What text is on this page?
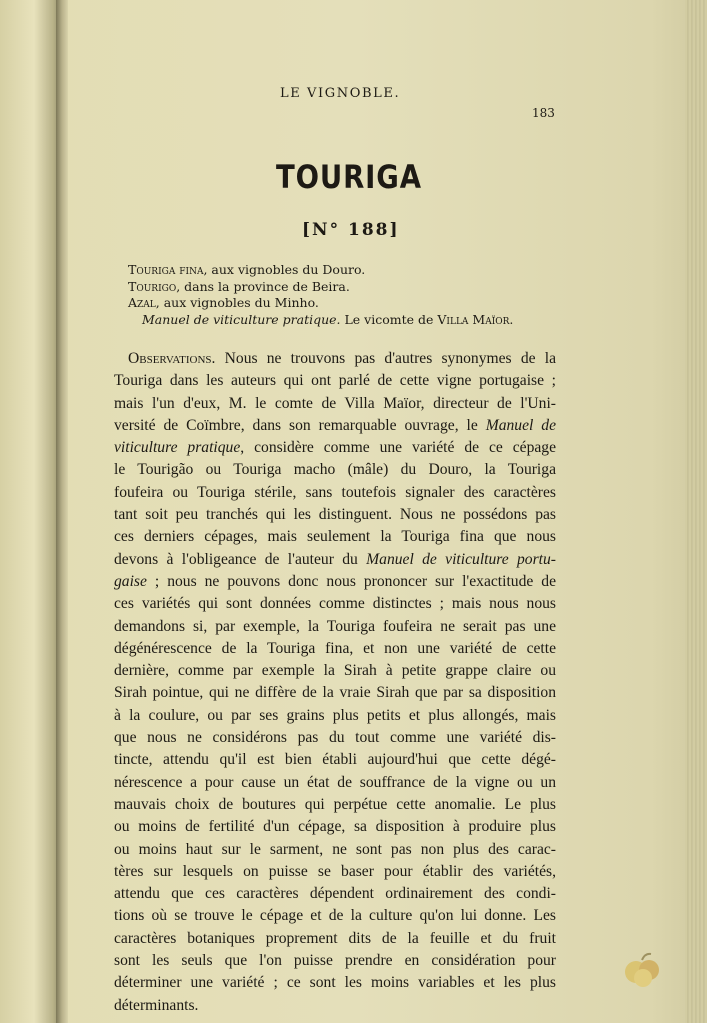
LE VIGNOBLE.
183
TOURIGA
[N° 188]
Touriga fina, aux vignobles du Douro.
Tourigo, dans la province de Beira.
Azal, aux vignobles du Minho.
Manuel de viticulture pratique. Le vicomte de Villa Maïor.
Observations. Nous ne trouvons pas d'autres synonymes de la
Touriga dans les auteurs qui ont parlé de cette vigne portugaise ;
mais l'un d'eux, M. le comte de Villa Maïor, directeur de l'Uni-
versité de Coïmbre, dans son remarquable ouvrage, le Manuel de
viticulture pratique, considère comme une variété de ce cépage
le Tourigão ou Touriga macho (mâle) du Douro, la Touriga
foufeira ou Touriga stérile, sans toutefois signaler des caractères
tant soit peu tranchés qui les distinguent. Nous ne possédons pas
ces derniers cépages, mais seulement la Touriga fina que nous
devons à l'obligeance de l'auteur du Manuel de viticulture portu-
gaise ; nous ne pouvons donc nous prononcer sur l'exactitude de
ces variétés qui sont données comme distinctes ; mais nous nous
demandons si, par exemple, la Touriga foufeira ne serait pas une
dégénérescence de la Touriga fina, et non une variété de cette
dernière, comme par exemple la Sirah à petite grappe claire ou
Sirah pointue, qui ne diffère de la vraie Sirah que par sa disposition
à la coulure, ou par ses grains plus petits et plus allongés, mais
que nous ne considérons pas du tout comme une variété dis-
tincte, attendu qu'il est bien établi aujourd'hui que cette dégé-
nérescence a pour cause un état de souffrance de la vigne ou un
mauvais choix de boutures qui perpétue cette anomalie. Le plus
ou moins de fertilité d'un cépage, sa disposition à produire plus
ou moins haut sur le sarment, ne sont pas non plus des carac-
tères sur lesquels on puisse se baser pour établir des variétés,
attendu que ces caractères dépendent ordinairement des condi-
tions où se trouve le cépage et de la culture qu'on lui donne. Les
caractères botaniques proprement dits de la feuille et du fruit
sont les seuls que l'on puisse prendre en considération pour
déterminer une variété ; ce sont les moins variables et les plus
déterminants.
